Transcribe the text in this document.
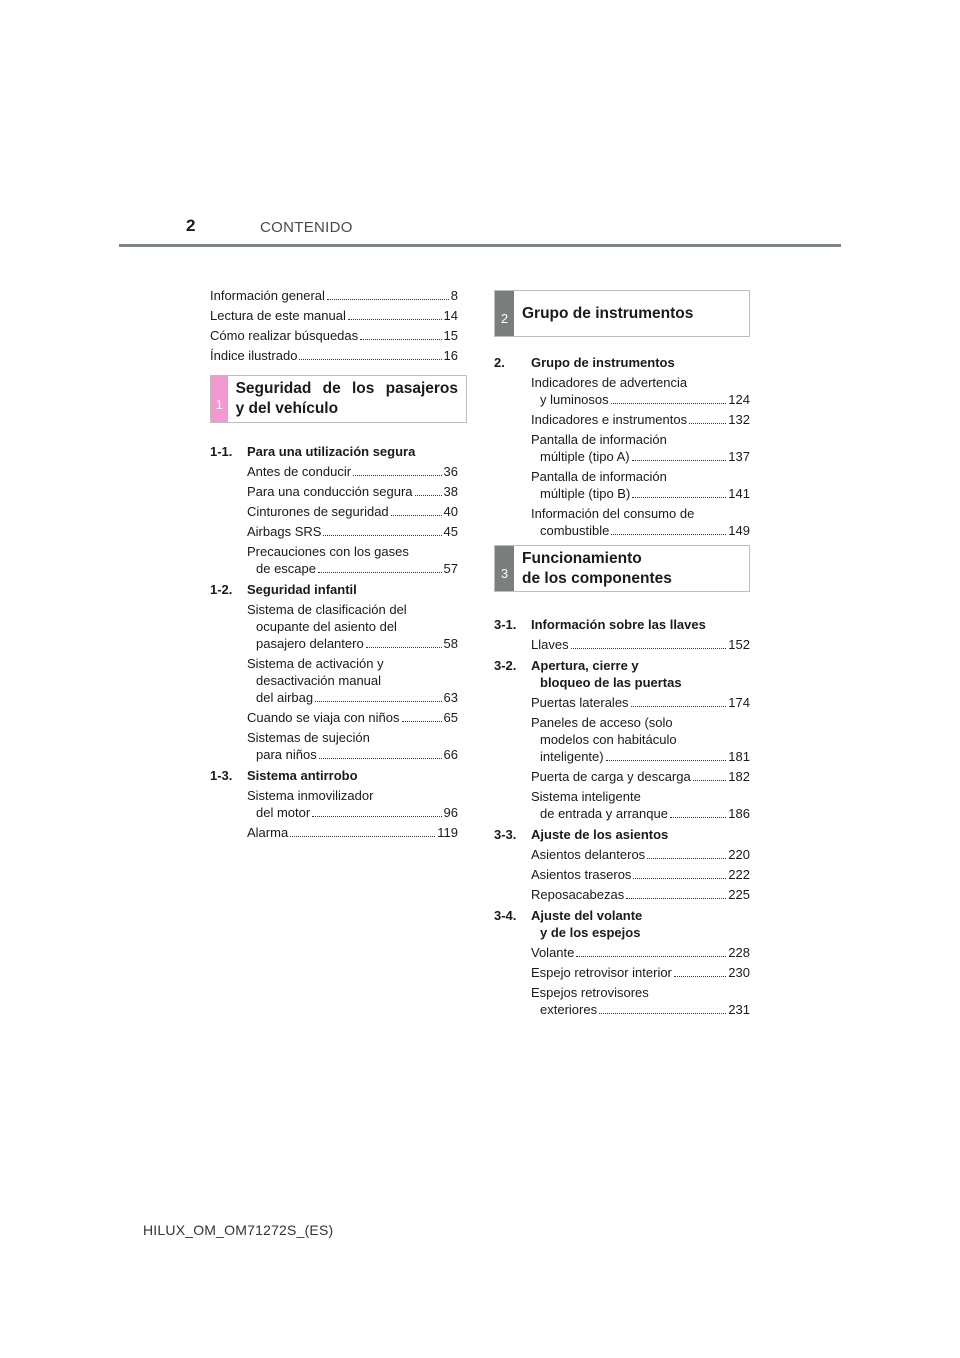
2	CONTENIDO
Información general	8
Lectura de este manual	14
Cómo realizar búsquedas	15
Índice ilustrado	16
1
Seguridad de los pasajeros
y del vehículo
1-1.	Para una utilización segura
Antes de conducir	36
Para una conducción segura 38
Cinturones de seguridad	40
Airbags SRS	45
Precauciones con los gases
de escape	57
1-2.	Seguridad infantil
Sistema de clasificación del
ocupante del asiento del
pasajero delantero	58
Sistema de activación y
desactivación manual
del airbag	63
Cuando se viaja con niños	65
Sistemas de sujeción
para niños	66
1-3.	Sistema antirrobo
Sistema inmovilizador
del motor	96
Alarma	119
2 Grupo de instrumentos
2.	Grupo de instrumentos
Indicadores de advertencia
y luminosos	124
Indicadores e instrumentos	132
Pantalla de información
múltiple (tipo A)	137
Pantalla de información
múltiple (tipo B)	141
Información del consumo de
combustible	149
3
Funcionamiento
de los componentes
3-1.	Información sobre las llaves
Llaves	152
3-2.	Apertura, cierre y
bloqueo de las puertas
Puertas laterales	174
Paneles de acceso (solo
modelos con habitáculo
inteligente)	181
Puerta de carga y descarga	182
Sistema inteligente
de entrada y arranque	186
3-3.	Ajuste de los asientos
Asientos delanteros	220
Asientos traseros	222
Reposacabezas	225
3-4.	Ajuste del volante
y de los espejos
Volante	228
Espejo retrovisor interior	230
Espejos retrovisores
exteriores	231
HILUX_OM_OM71272S_(ES)
